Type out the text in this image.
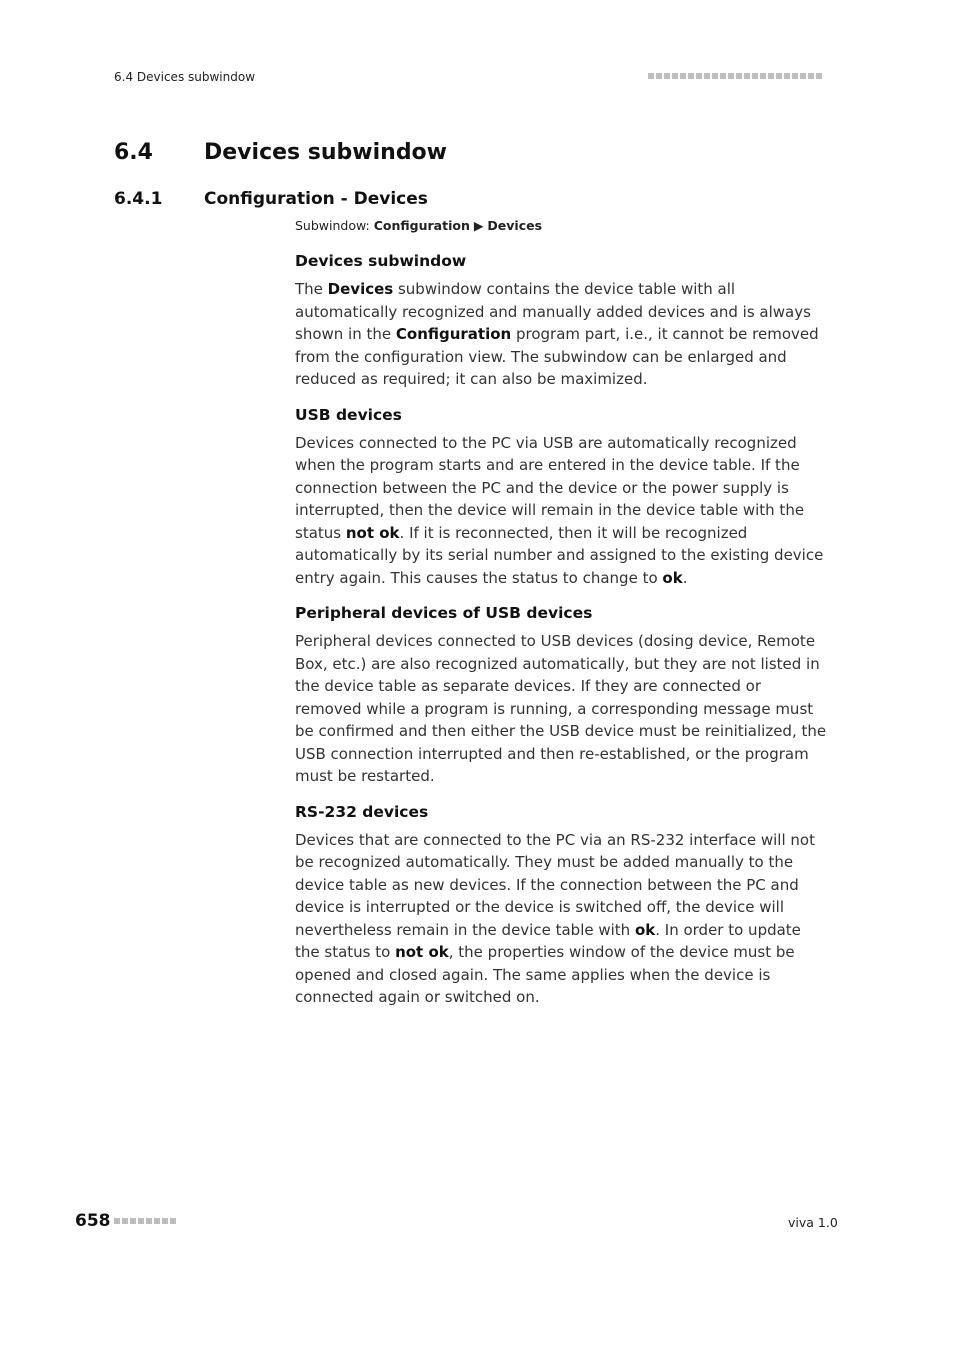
6.4 Devices subwindow
6.4 Devices subwindow
6.4.1 Configuration - Devices
Subwindow: Configuration ▶ Devices
Devices subwindow
The Devices subwindow contains the device table with all automatically recognized and manually added devices and is always shown in the Configuration program part, i.e., it cannot be removed from the configuration view. The subwindow can be enlarged and reduced as required; it can also be maximized.
USB devices
Devices connected to the PC via USB are automatically recognized when the program starts and are entered in the device table. If the connection between the PC and the device or the power supply is interrupted, then the device will remain in the device table with the status not ok. If it is reconnected, then it will be recognized automatically by its serial number and assigned to the existing device entry again. This causes the status to change to ok.
Peripheral devices of USB devices
Peripheral devices connected to USB devices (dosing device, Remote Box, etc.) are also recognized automatically, but they are not listed in the device table as separate devices. If they are connected or removed while a program is running, a corresponding message must be confirmed and then either the USB device must be reinitialized, the USB connection interrupted and then re-established, or the program must be restarted.
RS-232 devices
Devices that are connected to the PC via an RS-232 interface will not be recognized automatically. They must be added manually to the device table as new devices. If the connection between the PC and device is interrupted or the device is switched off, the device will nevertheless remain in the device table with ok. In order to update the status to not ok, the properties window of the device must be opened and closed again. The same applies when the device is connected again or switched on.
658	viva 1.0
